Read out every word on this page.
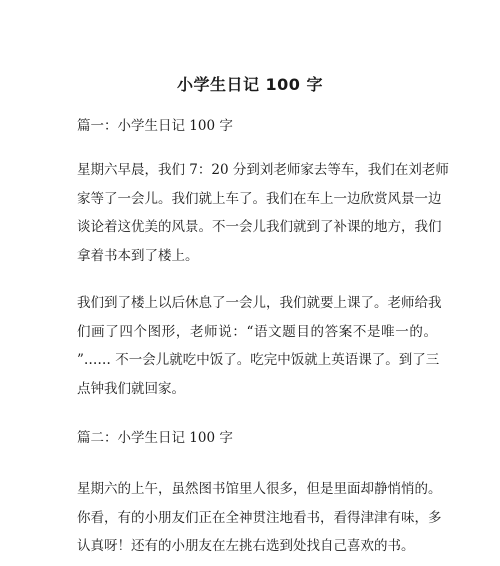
小学生日记 100 字
篇一：小学生日记 100 字
星期六早晨，我们 7：20 分到刘老师家去等车，我们在刘老师
家等了一会儿。我们就上车了。我们在车上一边欣赏风景一边
谈论着这优美的风景。不一会儿我们就到了补课的地方，我们
拿着书本到了楼上。
我们到了楼上以后休息了一会儿，我们就要上课了。老师给我
们画了四个图形，老师说：“语文题目的答案不是唯一的。
”…… 不一会儿就吃中饭了。吃完中饭就上英语课了。到了三
点钟我们就回家。
篇二：小学生日记 100 字
星期六的上午，虽然图书馆里人很多，但是里面却静悄悄的。
你看，有的小朋友们正在全神贯注地看书，看得津津有味，多
认真呀！还有的小朋友在左挑右选到处找自己喜欢的书。
